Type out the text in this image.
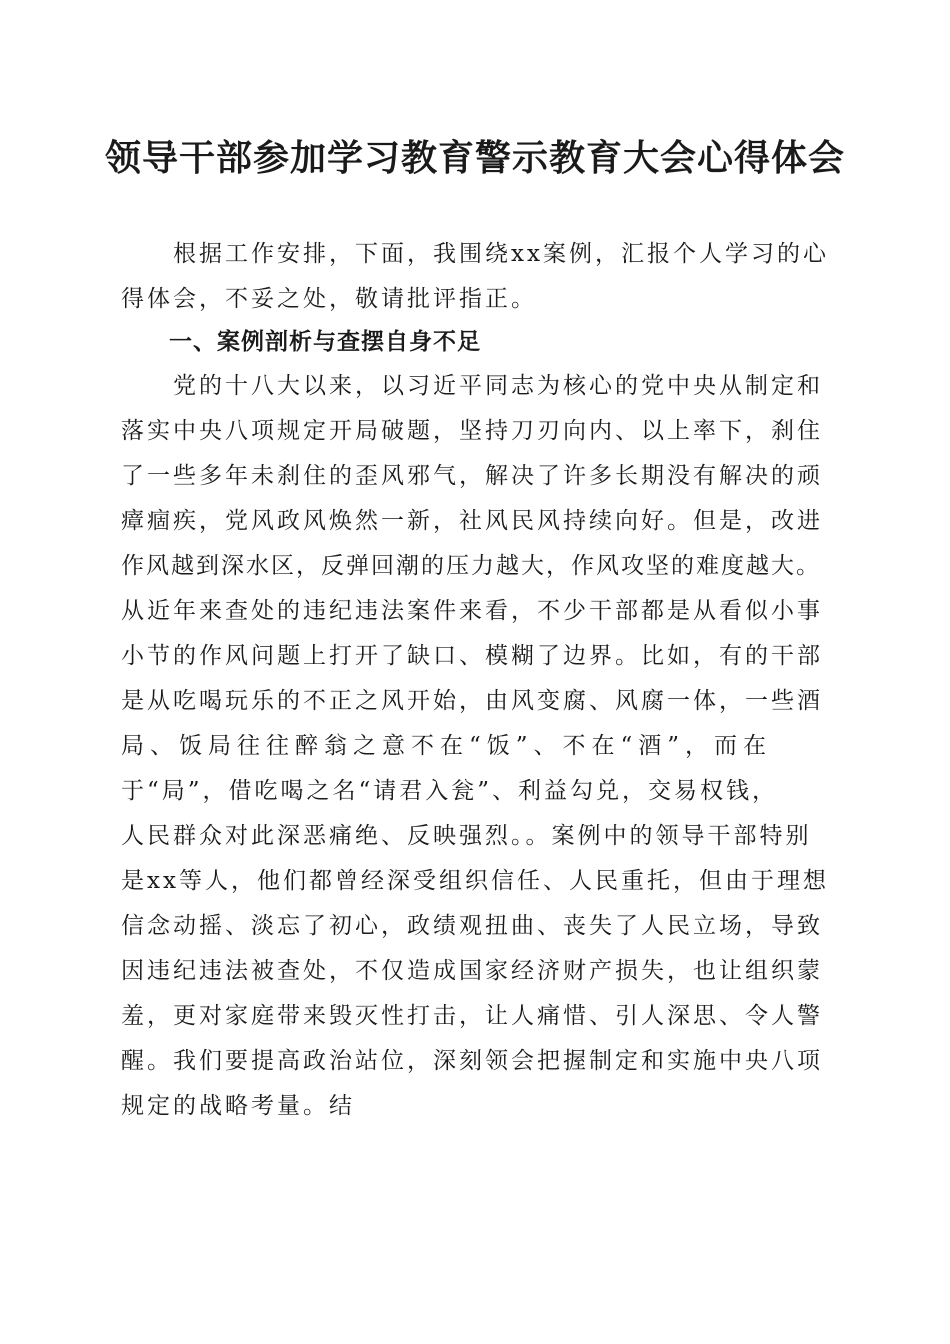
领导干部参加学习教育警示教育大会心得体会
　　根据工作安排，下面，我围绕xx案例，汇报个人学习的心
得体会，不妥之处，敬请批评指正。
　　一、案例剖析与查摆自身不足
　　党的十八大以来，以习近平同志为核心的党中央从制定和
落实中央八项规定开局破题，坚持刀刃向内、以上率下，刹住
了一些多年未刹住的歪风邪气，解决了许多长期没有解决的顽
瘴痼疾，党风政风焕然一新，社风民风持续向好。但是，改进
作风越到深水区，反弹回潮的压力越大，作风攻坚的难度越大。
从近年来查处的违纪违法案件来看，不少干部都是从看似小事
小节的作风问题上打开了缺口、模糊了边界。比如，有的干部
是从吃喝玩乐的不正之风开始，由风变腐、风腐一体，一些酒
局、饭局往往醉翁之意不在“饭”、不在“酒”，而在
于“局”，借吃喝之名“请君入瓮”、利益勾兑，交易权钱，
人民群众对此深恶痛绝、反映强烈。。案例中的领导干部特别
是xx等人，他们都曾经深受组织信任、人民重托，但由于理想
信念动摇、淡忘了初心，政绩观扭曲、丧失了人民立场，导致
因违纪违法被查处，不仅造成国家经济财产损失，也让组织蒙
羞，更对家庭带来毁灭性打击，让人痛惜、引人深思、令人警
醒。我们要提高政治站位，深刻领会把握制定和实施中央八项
规定的战略考量。结
